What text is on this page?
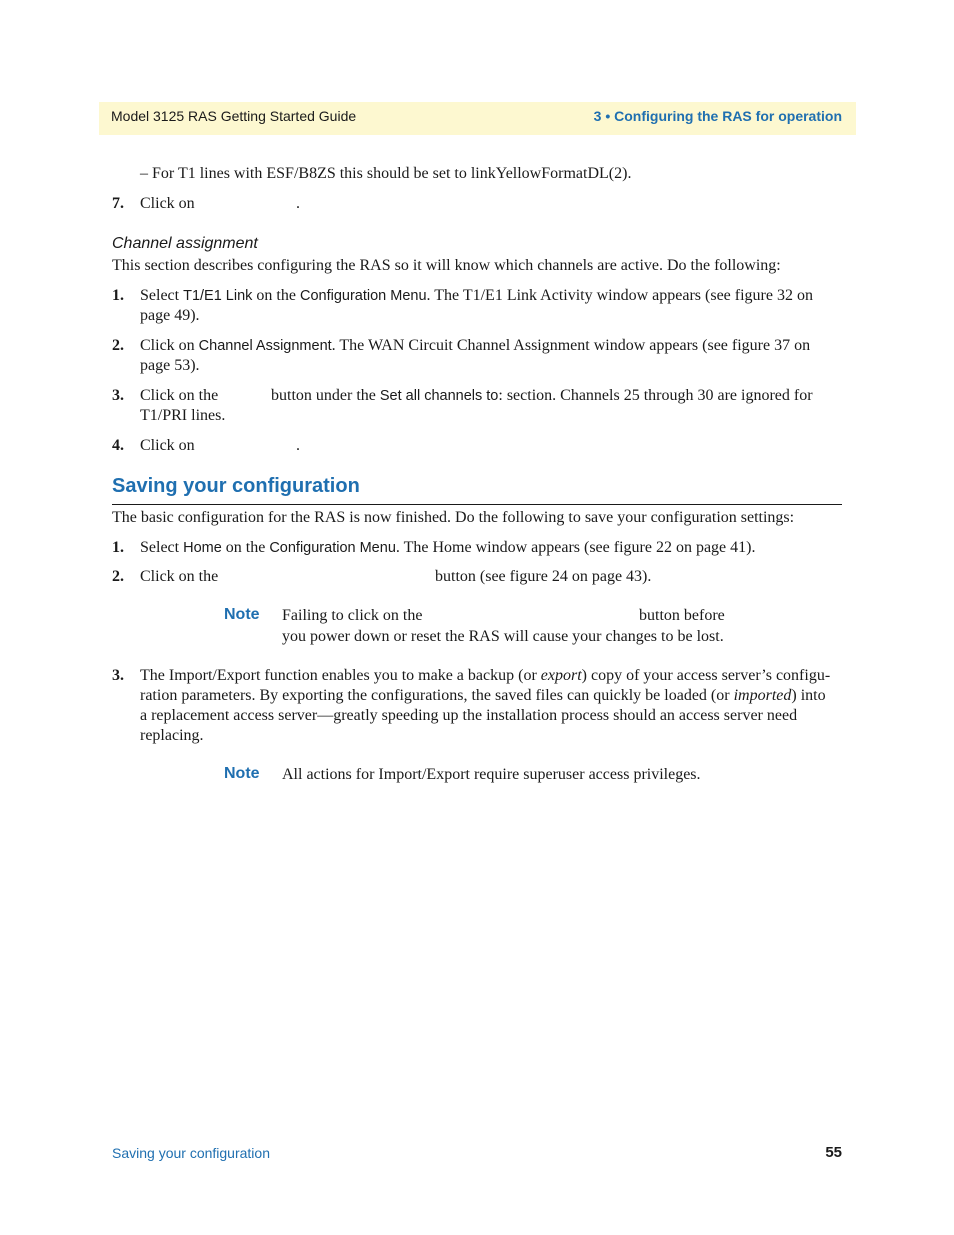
Model 3125 RAS Getting Started Guide	3 • Configuring the RAS for operation
– For T1 lines with ESF/B8ZS this should be set to linkYellowFormatDL(2).
7. Click on	.
Channel assignment
This section describes configuring the RAS so it will know which channels are active. Do the following:
1. Select T1/E1 Link on the Configuration Menu. The T1/E1 Link Activity window appears (see figure 32 on
page 49).
2. Click on Channel Assignment. The WAN Circuit Channel Assignment window appears (see figure 37 on
page 53).
3. Click on the	button under the Set all channels to: section. Channels 25 through 30 are ignored for
T1/PRI lines.
4. Click on	.
Saving your configuration
The basic configuration for the RAS is now finished. Do the following to save your configuration settings:
1. Select Home on the Configuration Menu. The Home window appears (see figure 22 on page 41).
2. Click on the	button (see figure 24 on page 43).
Note Failing to click on the	button before
you power down or reset the RAS will cause your changes to be lost.
3. The Import/Export function enables you to make a backup (or export) copy of your access server’s configu-
ration parameters. By exporting the configurations, the saved files can quickly be loaded (or imported) into
a replacement access server—greatly speeding up the installation process should an access server need
replacing.
Note All actions for Import/Export require superuser access privileges.
Saving your configuration	55
